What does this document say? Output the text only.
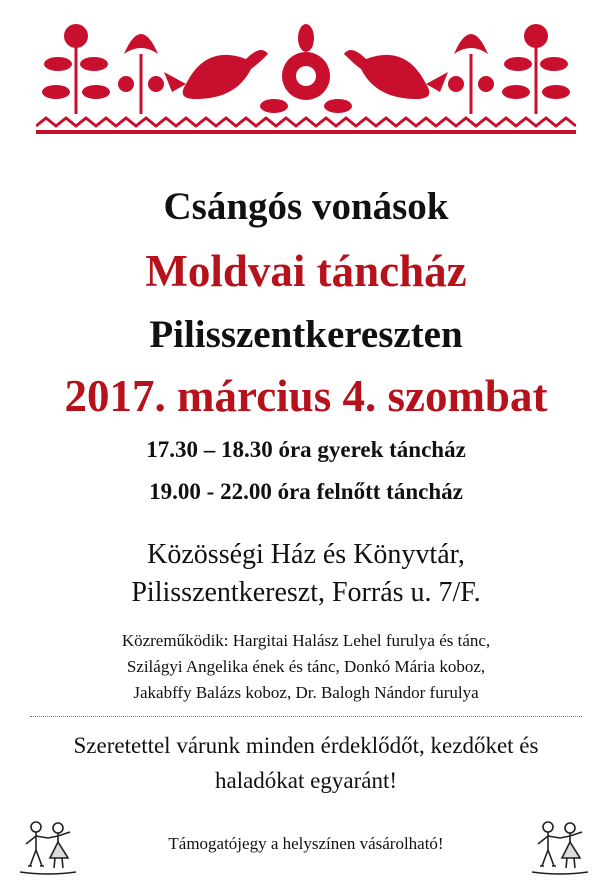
Csángós vonások
Moldvai táncház
Pilisszentkereszten
2017. március 4. szombat
17.30 – 18.30 óra gyerek táncház
19.00 - 22.00 óra felnőtt táncház
Közösségi Ház és Könyvtár,
Pilisszentkereszt, Forrás u. 7/F.
Közreműködik: Hargitai Halász Lehel furulya és tánc,
Szilágyi Angelika ének és tánc, Donkó Mária koboz,
Jakabffy Balázs koboz, Dr. Balogh Nándor furulya
Szeretettel várunk minden érdeklődőt, kezdőket és
haladókat egyaránt!
Támogatójegy a helyszínen vásárolható!
